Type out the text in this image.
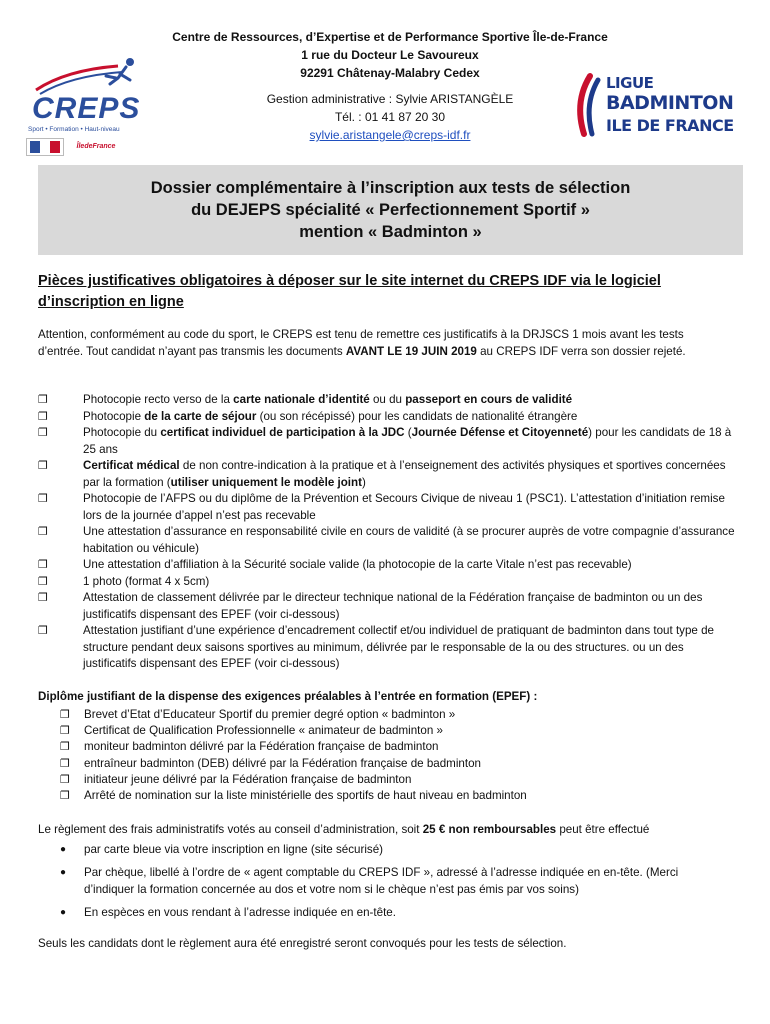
Centre de Ressources, d’Expertise et de Performance Sportive Île-de-France
1 rue du Docteur Le Savoureux
92291 Châtenay-Malabry Cedex
Gestion administrative : Sylvie ARISTANGÈLE
Tél. : 01 41 87 20 30
sylvie.aristangele@creps-idf.fr
CREPS
Sport • Formation • Haut-niveau
ÎledeFrance
LIGUE
BADMINTON
ILE DE FRANCE
Dossier complémentaire à l’inscription aux tests de sélection
du DEJEPS spécialité « Perfectionnement Sportif »
mention « Badminton »
Pièces justificatives obligatoires à déposer sur le site internet du CREPS IDF via le logiciel d’inscription en ligne
Attention, conformément au code du sport, le CREPS est tenu de remettre ces justificatifs à la DRJSCS 1 mois avant les tests d’entrée. Tout candidat n’ayant pas transmis les documents AVANT LE 19 JUIN 2019 au CREPS IDF verra son dossier rejeté.
❐	Photocopie recto verso de la carte nationale d’identité ou du passeport en cours de validité
❐	Photocopie de la carte de séjour (ou son récépissé) pour les candidats de nationalité étrangère
❐	Photocopie du certificat individuel de participation à la JDC (Journée Défense et Citoyenneté) pour les candidats de 18 à 25 ans
❐	Certificat médical de non contre-indication à la pratique et à l’enseignement des activités physiques et sportives concernées par la formation (utiliser uniquement le modèle joint)
❐	Photocopie de l’AFPS ou du diplôme de la Prévention et Secours Civique de niveau 1 (PSC1). L’attestation d’initiation remise lors de la journée d’appel n’est pas recevable
❐	Une attestation d’assurance en responsabilité civile en cours de validité (à se procurer auprès de votre compagnie d’assurance habitation ou véhicule)
❐	Une attestation d’affiliation à la Sécurité sociale valide (la photocopie de la carte Vitale n’est pas recevable)
❐	1 photo (format 4 x 5cm)
❐	Attestation de classement délivrée par le directeur technique national de la Fédération française de badminton ou un des justificatifs dispensant des EPEF (voir ci-dessous)
❐	Attestation justifiant d’une expérience d’encadrement collectif et/ou individuel de pratiquant de badminton dans tout type de structure pendant deux saisons sportives au minimum, délivrée par le responsable de la ou des structures. ou un des justificatifs dispensant des EPEF (voir ci-dessous)
Diplôme justifiant de la dispense des exigences préalables à l’entrée en formation (EPEF) :
❐	Brevet d’Etat d’Educateur Sportif du premier degré option « badminton »
❐	Certificat de Qualification Professionnelle « animateur de badminton »
❐	moniteur badminton délivré par la Fédération française de badminton
❐	entraîneur badminton (DEB) délivré par la Fédération française de badminton
❐	initiateur jeune délivré par la Fédération française de badminton
❐	Arrêté de nomination sur la liste ministérielle des sportifs de haut niveau en badminton
Le règlement des frais administratifs votés au conseil d’administration, soit 25 € non remboursables peut être effectué
●	par carte bleue via votre inscription en ligne (site sécurisé)
●	Par chèque, libellé à l’ordre de « agent comptable du CREPS IDF », adressé à l’adresse indiquée en en-tête. (Merci d’indiquer la formation concernée au dos et votre nom si le chèque n’est pas émis par vos soins)
●	En espèces en vous rendant à l’adresse indiquée en en-tête.
Seuls les candidats dont le règlement aura été enregistré seront convoqués pour les tests de sélection.
